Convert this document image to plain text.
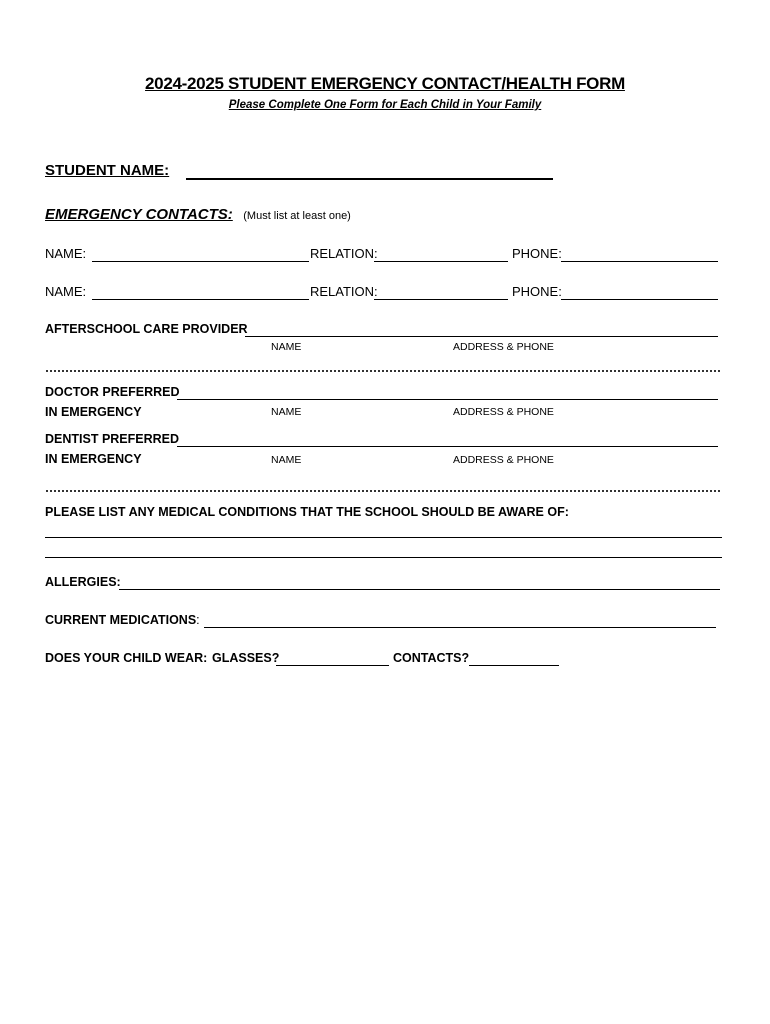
2024-2025 STUDENT EMERGENCY CONTACT/HEALTH FORM
Please Complete One Form for Each Child in Your Family
STUDENT NAME:
EMERGENCY CONTACTS: (Must list at least one)
NAME:	RELATION:	PHONE:
NAME:	RELATION:	PHONE:
AFTERSCHOOL CARE PROVIDER
NAME	ADDRESS & PHONE
DOCTOR PREFERRED
IN EMERGENCY	NAME	ADDRESS & PHONE
DENTIST PREFERRED
IN EMERGENCY	NAME	ADDRESS & PHONE
PLEASE LIST ANY MEDICAL CONDITIONS THAT THE SCHOOL SHOULD BE AWARE OF:
ALLERGIES:
CURRENT MEDICATIONS:
DOES YOUR CHILD WEAR: GLASSES?	CONTACTS?
